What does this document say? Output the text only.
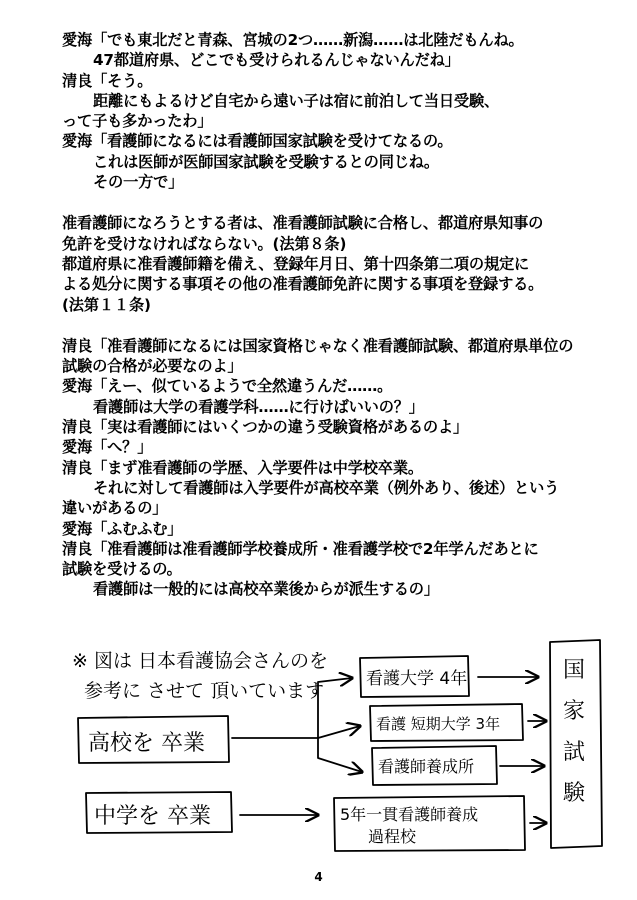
愛海「でも東北だと青森、宮城の2つ……新潟……は北陸だもんね。
47都道府県、どこでも受けられるんじゃないんだね」
清良「そう。
距離にもよるけど自宅から遠い子は宿に前泊して当日受験、
って子も多かったわ」
愛海「看護師になるには看護師国家試験を受けてなるの。
これは医師が医師国家試験を受験するとの同じね。
その一方で」
准看護師になろうとする者は、准看護師試験に合格し、都道府県知事の
免許を受けなければならない。(法第８条)
都道府県に准看護師籍を備え、登録年月日、第十四条第二項の規定に
よる処分に関する事項その他の准看護師免許に関する事項を登録する。
(法第１１条)
清良「准看護師になるには国家資格じゃなく准看護師試験、都道府県単位の
試験の合格が必要なのよ」
愛海「えー、似ているようで全然違うんだ……。
看護師は大学の看護学科……に行けばいいの？」
清良「実は看護師にはいくつかの違う受験資格があるのよ」
愛海「へ？」
清良「まず准看護師の学歴、入学要件は中学校卒業。
それに対して看護師は入学要件が高校卒業（例外あり、後述）という
違いがあるの」
愛海「ふむふむ」
清良「准看護師は准看護師学校養成所・准看護学校で2年学んだあとに
試験を受けるの。
看護師は一般的には高校卒業後からが派生するの」
※ 図は 日本看護協会さんのを
参考に させて 頂いています
高校を 卒業
中学を 卒業
看護大学 4年
看護 短期大学 3年
看護師養成所
5年一貫看護師養成
過程校
国
家
試
験
4
